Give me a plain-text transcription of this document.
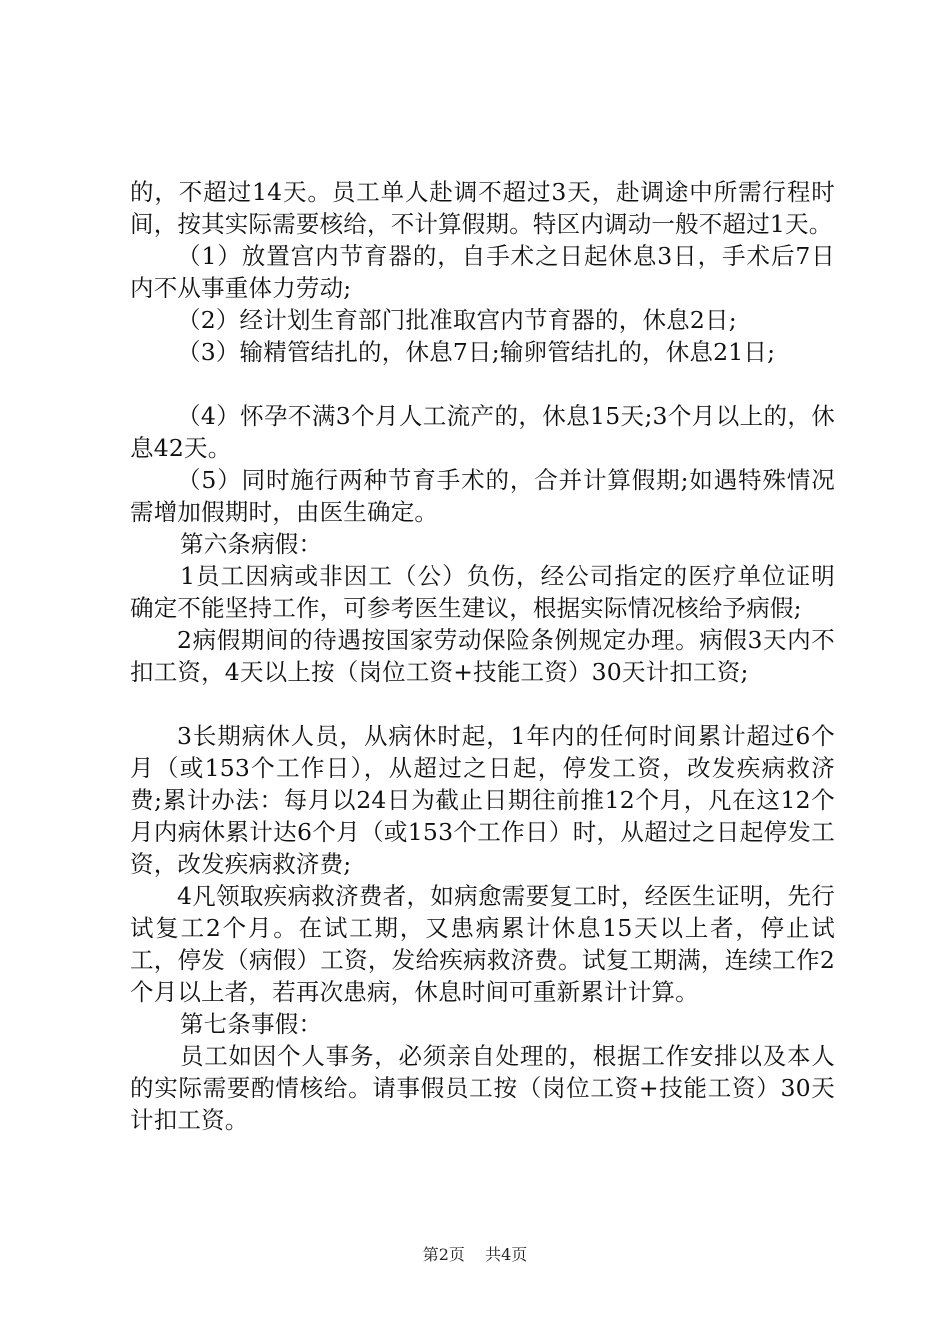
的，不超过14天。员工单人赴调不超过3天，赴调途中所需行程时间，按其实际需要核给，不计算假期。特区内调动一般不超过1天。

（1）放置宫内节育器的，自手术之日起休息3日，手术后7日内不从事重体力劳动;

（2）经计划生育部门批准取宫内节育器的，休息2日;

（3）输精管结扎的，休息7日;输卵管结扎的，休息21日;

（4）怀孕不满3个月人工流产的，休息15天;3个月以上的，休息42天。

（5）同时施行两种节育手术的，合并计算假期;如遇特殊情况需增加假期时，由医生确定。

第六条病假：

1员工因病或非因工（公）负伤，经公司指定的医疗单位证明确定不能坚持工作，可参考医生建议，根据实际情况核给予病假;

2病假期间的待遇按国家劳动保险条例规定办理。病假3天内不扣工资，4天以上按（岗位工资+技能工资）30天计扣工资;

3长期病休人员，从病休时起，1年内的任何时间累计超过6个月（或153个工作日），从超过之日起，停发工资，改发疾病救济费;累计办法：每月以24日为截止日期往前推12个月，凡在这12个月内病休累计达6个月（或153个工作日）时，从超过之日起停发工资，改发疾病救济费;

4凡领取疾病救济费者，如病愈需要复工时，经医生证明，先行试复工2个月。在试工期，又患病累计休息15天以上者，停止试工，停发（病假）工资，发给疾病救济费。试复工期满，连续工作2个月以上者，若再次患病，休息时间可重新累计计算。

第七条事假：

员工如因个人事务，必须亲自处理的，根据工作安排以及本人的实际需要酌情核给。请事假员工按（岗位工资+技能工资）30天计扣工资。

第2页 共4页
